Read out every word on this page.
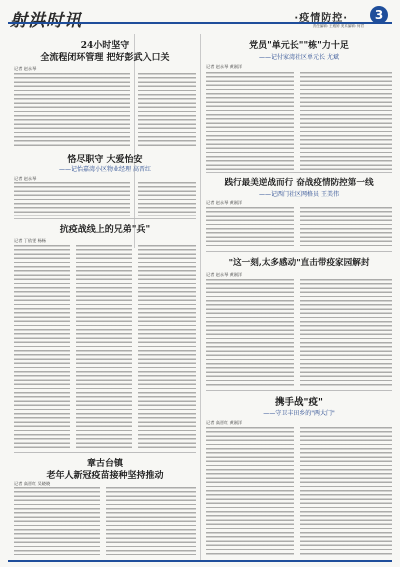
射洪时讯	·疫情防控·	3
责任编辑: 王雅婷 美术编辑: 何君
24小时坚守
全流程闭环管理 把好彭武入口关
记者 赵永琴
恪尽职守 大爱怡安
——记怡嘉湾小区物业经理 高晋红
记者 赵永琴
抗疫战线上的兄弟"兵"
记者 丁依雯 杨杨
章古台镇
老年人新冠疫苗接种坚持推动
记者 高晋红 吴晓晓
党员"单元长""栋"力十足
——记付家湾社区单元长 尤斌
记者 赵永琴 黄刚洋
践行最美逆战而行 奋战疫情防控第一线
——记西门社区网格员 王美伟
记者 赵永琴 黄刚洋
"这一刻,太多感动"直击带疫家园解封
记者 赵永琴 黄刚洋
携手战"疫"
——守卫丰田乡的"两大门"
记者 高晋红 黄刚洋
